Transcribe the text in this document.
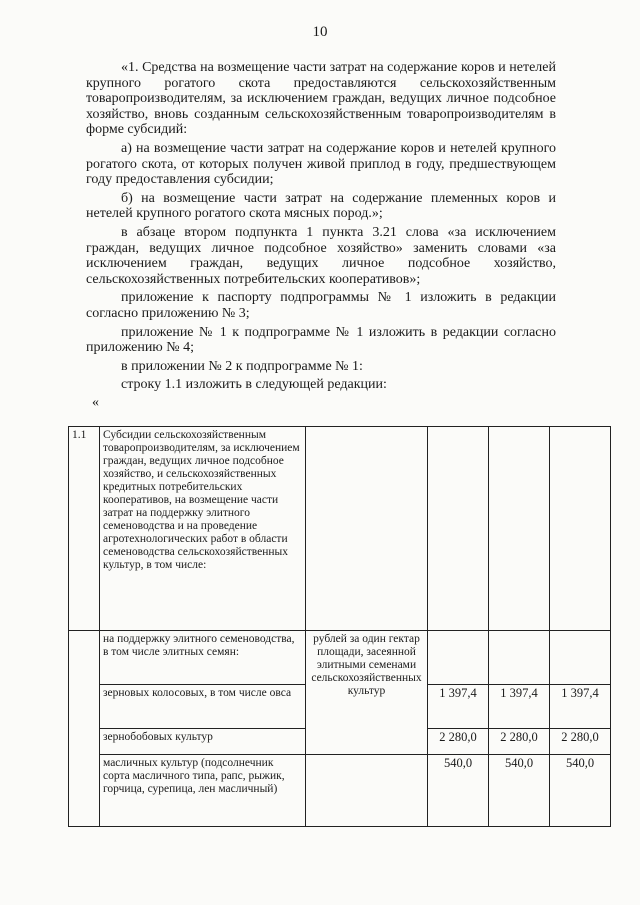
10

«1. Средства на возмещение части затрат на содержание коров и нетелей крупного рогатого скота предоставляются сельскохозяйственным товаропроизводителям, за исключением граждан, ведущих личное подсобное хозяйство, вновь созданным сельскохозяйственным товаропроизводителям в форме субсидий:

а) на возмещение части затрат на содержание коров и нетелей крупного рогатого скота, от которых получен живой приплод в году, предшествующем году предоставления субсидии;

б) на возмещение части затрат на содержание племенных коров и нетелей крупного рогатого скота мясных пород.»;

в абзаце втором подпункта 1 пункта 3.21 слова «за исключением граждан, ведущих личное подсобное хозяйство» заменить словами «за исключением граждан, ведущих личное подсобное хозяйство, сельскохозяйственных потребительских кооперативов»;

приложение к паспорту подпрограммы № 1 изложить в редакции согласно приложению № 3;

приложение № 1 к подпрограмме № 1 изложить в редакции согласно приложению № 4;

в приложении № 2 к подпрограмме № 1:

строку 1.1 изложить в следующей редакции:

«

1.1	Субсидии сельскохозяйственным товаропроизводителям, за исключением граждан, ведущих личное подсобное хозяйство, и сельскохозяйственных кредитных потребительских кооперативов, на возмещение части затрат на поддержку элитного семеноводства и на проведение агротехнологических работ в области семеноводства сельскохозяйственных культур, в том числе:				
	на поддержку элитного семеноводства, в том числе элитных семян:	рублей за один гектар площади, засеянной элитными семенами сельскохозяйственных культур			
	зерновых колосовых, в том числе овса		1 397,4	1 397,4	1 397,4
	зернобобовых культур		2 280,0	2 280,0	2 280,0
	масличных культур (подсолнечник сорта масличного типа, рапс, рыжик, горчица, сурепица, лен масличный)		540,0	540,0	540,0
